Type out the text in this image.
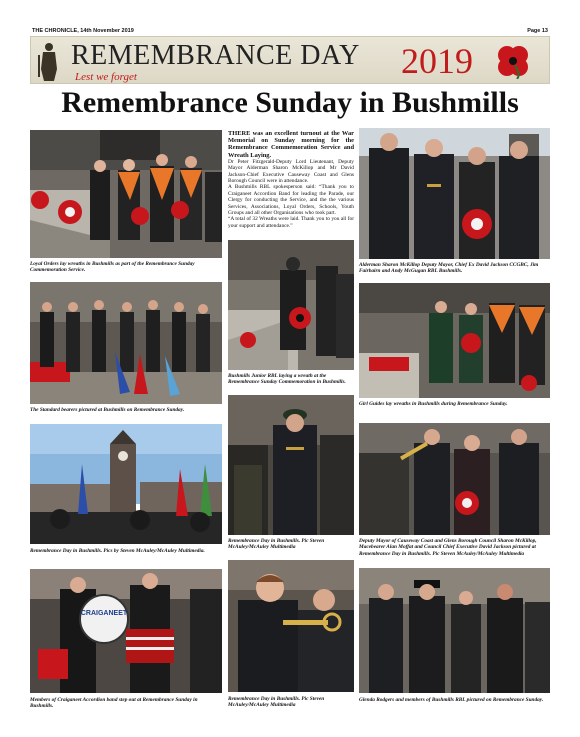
THE CHRONICLE, 14th November 2019	Page 13
REMEMBRANCE DAY 2019
Lest we forget
Remembrance Sunday in Bushmills
Loyal Orders lay wreaths in Bushmills as part of the Remembrance Sunday Commemoration Service.
The Standard bearers pictured at Bushmills on Remembrance Sunday.
Remembrance Day in Bushmills. Pics by Steven McAuley/McAuley Multimedia.
CRAIGANEET
Members of Craiganeet Accordion band step out at Remembrance Sunday in Bushmills.

THERE was an excellent turnout at the War Memorial on Sunday morning for the Remembrance Commemoration Service and Wreath Laying.

Dr Peter Fitzgerald-Deputy Lord Lieutenant, Deputy Mayor Alderman Sharon McKillop and Mr David Jackson-Chief Executive Causeway Coast and Glens Borough Council were in attendance.

A Bushmills RBL spokesperson said: “Thank you to Craiganeet Accordion Band for leading the Parade, our Clergy for conducting the Service, and the the various Services, Associations, Loyal Orders, Schools, Youth Groups and all other Organisations who took part.

“A total of 32 Wreaths were laid. Thank you to you all for your support and attendance.”

Bushmills Junior RBL laying a wreath at the Remembrance Sunday Commemoration in Bushmills.
Remembrance Day in Bushmills. Pic Steven McAuley/McAuley Multimedia
Remembrance Day in Bushmills. Pic Steven McAuley/McAuley Multimedia
Alderman Sharon McKillop Deputy Mayor, Chief Ex David Jackson CCGBC, Jim Fairbairn and Andy McGugan RBL Bushmills.
Girl Guides lay wreaths in Bushmills during Remembrance Sunday.
Deputy Mayor of Causeway Coast and Glens Borough Council Sharon McKillop, Macebearer Alan Moffat and Council Chief Executive David Jackson pictured at Remembrance Day in Bushmills. Pic Steven McAuley/McAuley Multimedia
Glenda Rodgers and members of Bushmills RBL pictured on Remembrance Sunday.
